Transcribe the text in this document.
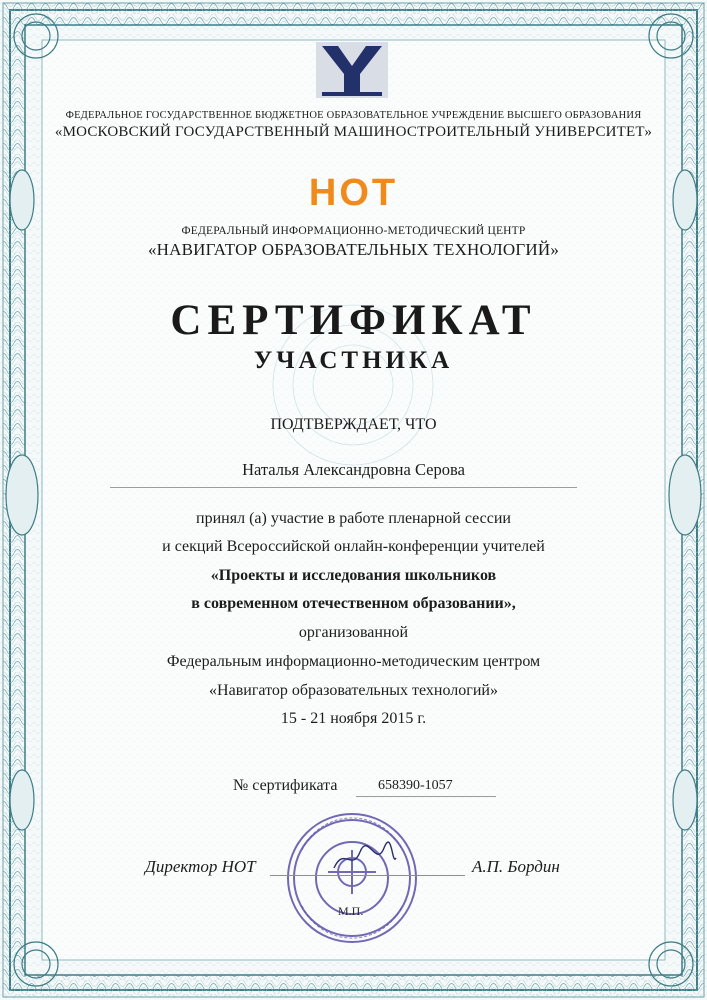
ФЕДЕРАЛЬНОЕ ГОСУДАРСТВЕННОЕ БЮДЖЕТНОЕ ОБРАЗОВАТЕЛЬНОЕ УЧРЕЖДЕНИЕ ВЫСШЕГО ОБРАЗОВАНИЯ
«МОСКОВСКИЙ ГОСУДАРСТВЕННЫЙ МАШИНОСТРОИТЕЛЬНЫЙ УНИВЕРСИТЕТ»
НОТ
ФЕДЕРАЛЬНЫЙ ИНФОРМАЦИОННО-МЕТОДИЧЕСКИЙ ЦЕНТР
«НАВИГАТОР ОБРАЗОВАТЕЛЬНЫХ ТЕХНОЛОГИЙ»
СЕРТИФИКАТ
УЧАСТНИКА
ПОДТВЕРЖДАЕТ, ЧТО
Наталья Александровна Серова
принял (а) участие в работе пленарной сессии
и секций Всероссийской онлайн-конференции учителей
«Проекты и исследования школьников
в современном отечественном образовании»,
организованной
Федеральным информационно-методическим центром
«Навигатор образовательных технологий»
15 - 21 ноября 2015 г.
№ сертификата	658390-1057
М.П.
Директор НОТ	А.П. Бордин
